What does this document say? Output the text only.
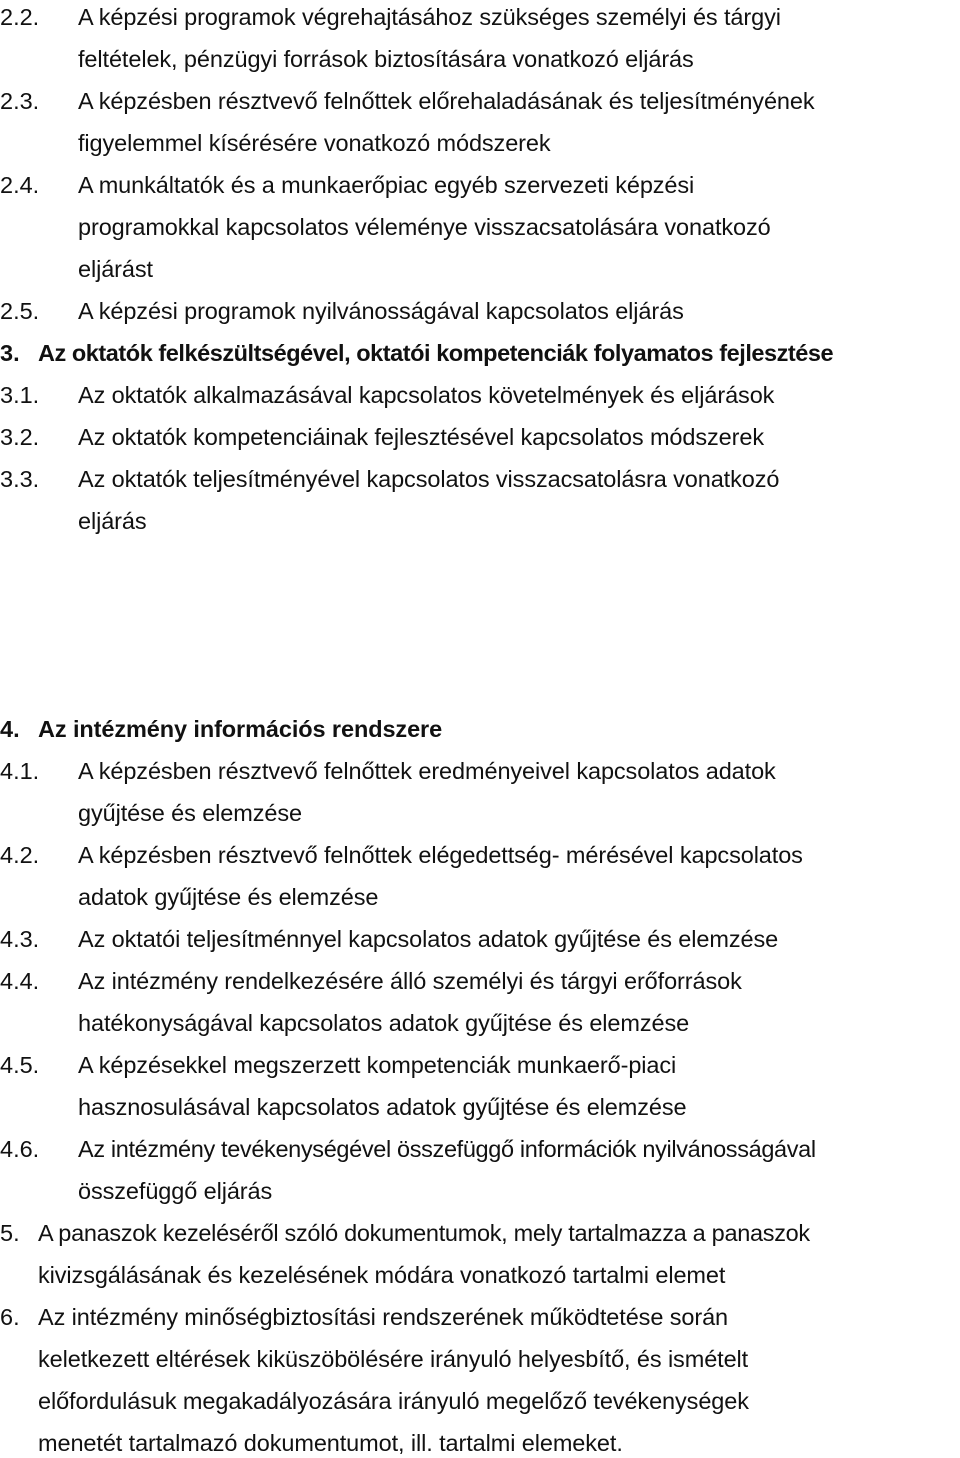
2.2. A képzési programok végrehajtásához szükséges személyi és tárgyi
feltételek, pénzügyi források biztosítására vonatkozó eljárás
2.3. A képzésben résztvevő felnőttek előrehaladásának és teljesítményének
figyelemmel kísérésére vonatkozó módszerek
2.4. A munkáltatók és a munkaerőpiac egyéb szervezeti képzési
programokkal kapcsolatos véleménye visszacsatolására vonatkozó
eljárást
2.5. A képzési programok nyilvánosságával kapcsolatos eljárás
3. Az oktatók felkészültségével, oktatói kompetenciák folyamatos fejlesztése
3.1. Az oktatók alkalmazásával kapcsolatos követelmények és eljárások
3.2. Az oktatók kompetenciáinak fejlesztésével kapcsolatos módszerek
3.3. Az oktatók teljesítményével kapcsolatos visszacsatolásra vonatkozó
eljárás
4. Az intézmény információs rendszere
4.1. A képzésben résztvevő felnőttek eredményeivel kapcsolatos adatok
gyűjtése és elemzése
4.2. A képzésben résztvevő felnőttek elégedettség- mérésével kapcsolatos
adatok gyűjtése és elemzése
4.3. Az oktatói teljesítménnyel kapcsolatos adatok gyűjtése és elemzése
4.4. Az intézmény rendelkezésére álló személyi és tárgyi erőforrások
hatékonyságával kapcsolatos adatok gyűjtése és elemzése
4.5. A képzésekkel megszerzett kompetenciák munkaerő-piaci
hasznosulásával kapcsolatos adatok gyűjtése és elemzése
4.6. Az intézmény tevékenységével összefüggő információk nyilvánosságával
összefüggő eljárás
5. A panaszok kezeléséről szóló dokumentumok, mely tartalmazza a panaszok
kivizsgálásának és kezelésének módára vonatkozó tartalmi elemet
6. Az intézmény minőségbiztosítási rendszerének működtetése során
keletkezett eltérések kiküszöbölésére irányuló helyesbítő, és ismételt
előfordulásuk megakadályozására irányuló megelőző tevékenységek
menetét tartalmazó dokumentumot, ill. tartalmi elemeket.
